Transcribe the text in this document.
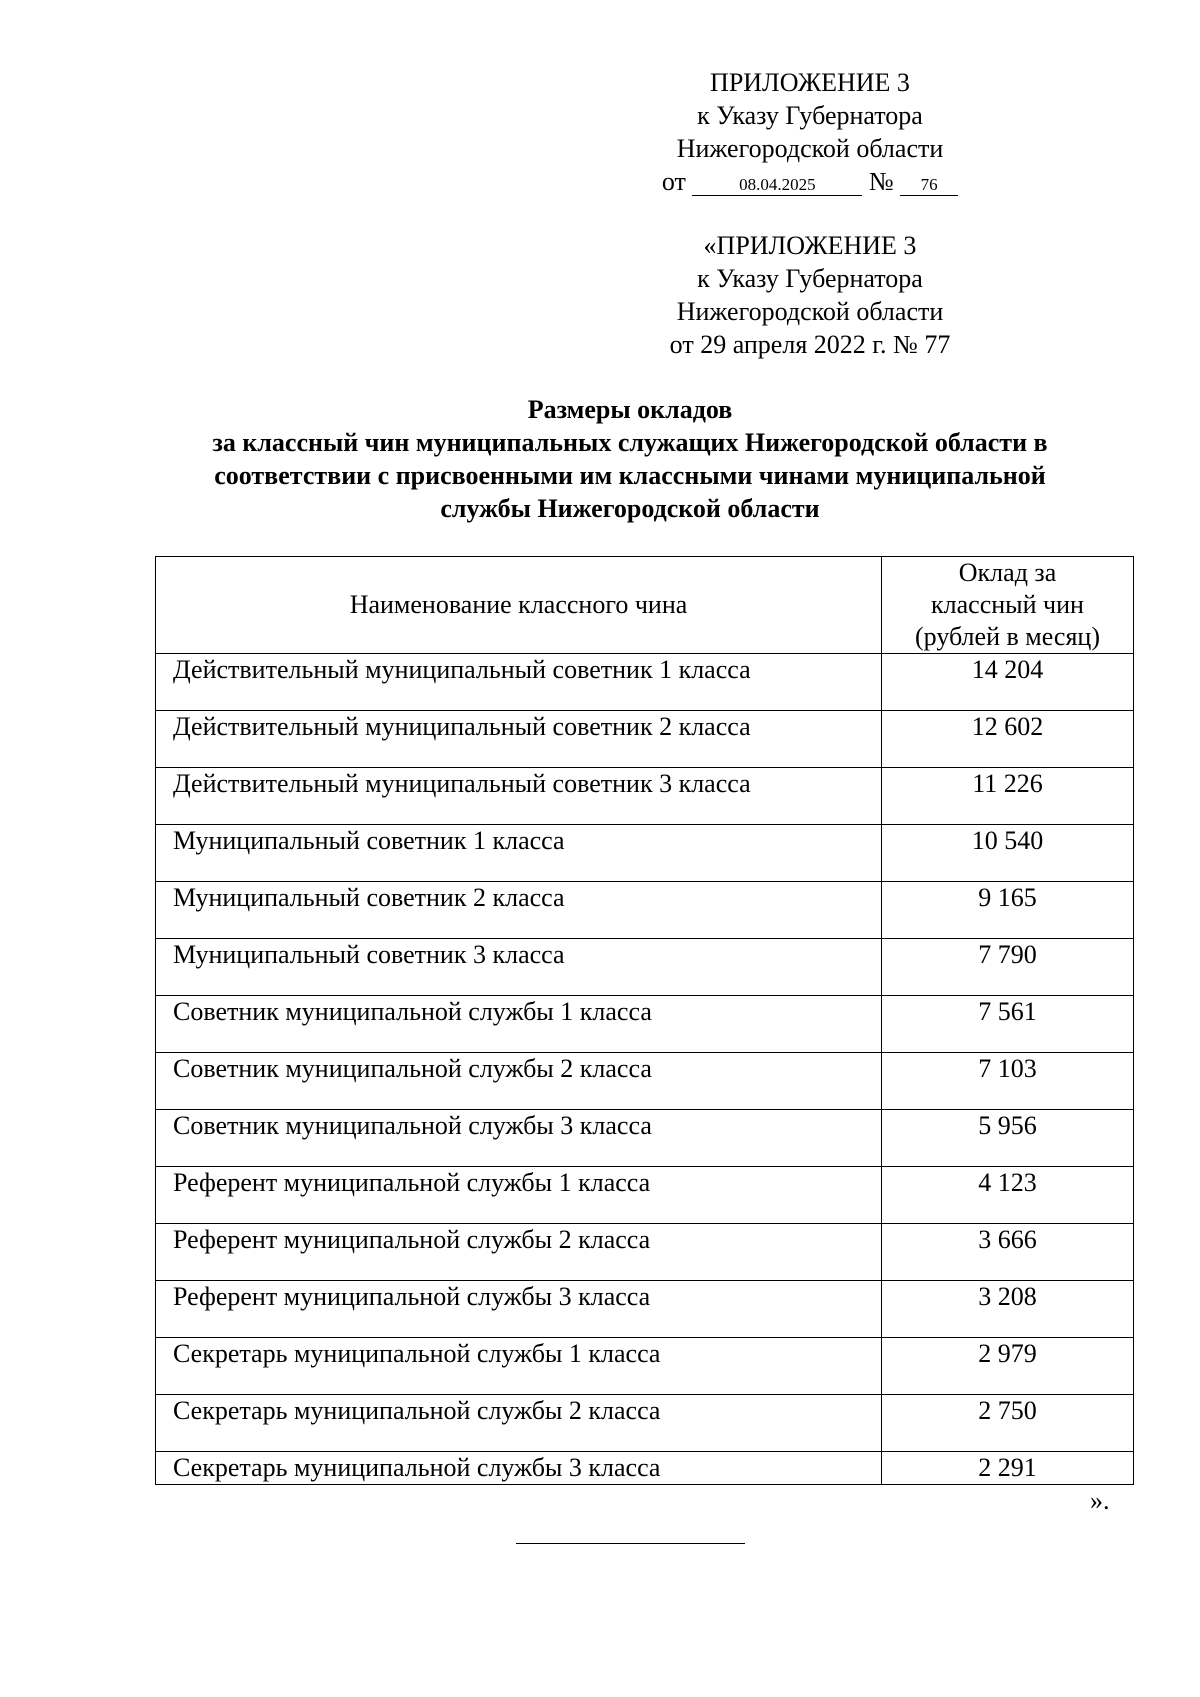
ПРИЛОЖЕНИЕ 3
к Указу Губернатора
Нижегородской области
от	08.04.2025 № 76
«ПРИЛОЖЕНИЕ 3
к Указу Губернатора
Нижегородской области
от 29 апреля 2022 г. № 77
Размеры окладов
за классный чин муниципальных служащих Нижегородской области в
соответствии с присвоенными им классными чинами муниципальной
службы Нижегородской области
Наименование классного чина	Оклад за
классный чин
(рублей в месяц)

Действительный муниципальный советник 1 класса	14 204
Действительный муниципальный советник 2 класса	12 602
Действительный муниципальный советник 3 класса	11 226
Муниципальный советник 1 класса	10 540
Муниципальный советник 2 класса	9 165
Муниципальный советник 3 класса	7 790
Советник муниципальной службы 1 класса	7 561
Советник муниципальной службы 2 класса	7 103
Советник муниципальной службы 3 класса	5 956
Референт муниципальной службы 1 класса	4 123
Референт муниципальной службы 2 класса	3 666
Референт муниципальной службы 3 класса	3 208
Секретарь муниципальной службы 1 класса	2 979
Секретарь муниципальной службы 2 класса	2 750
Секретарь муниципальной службы 3 класса	2 291
».
